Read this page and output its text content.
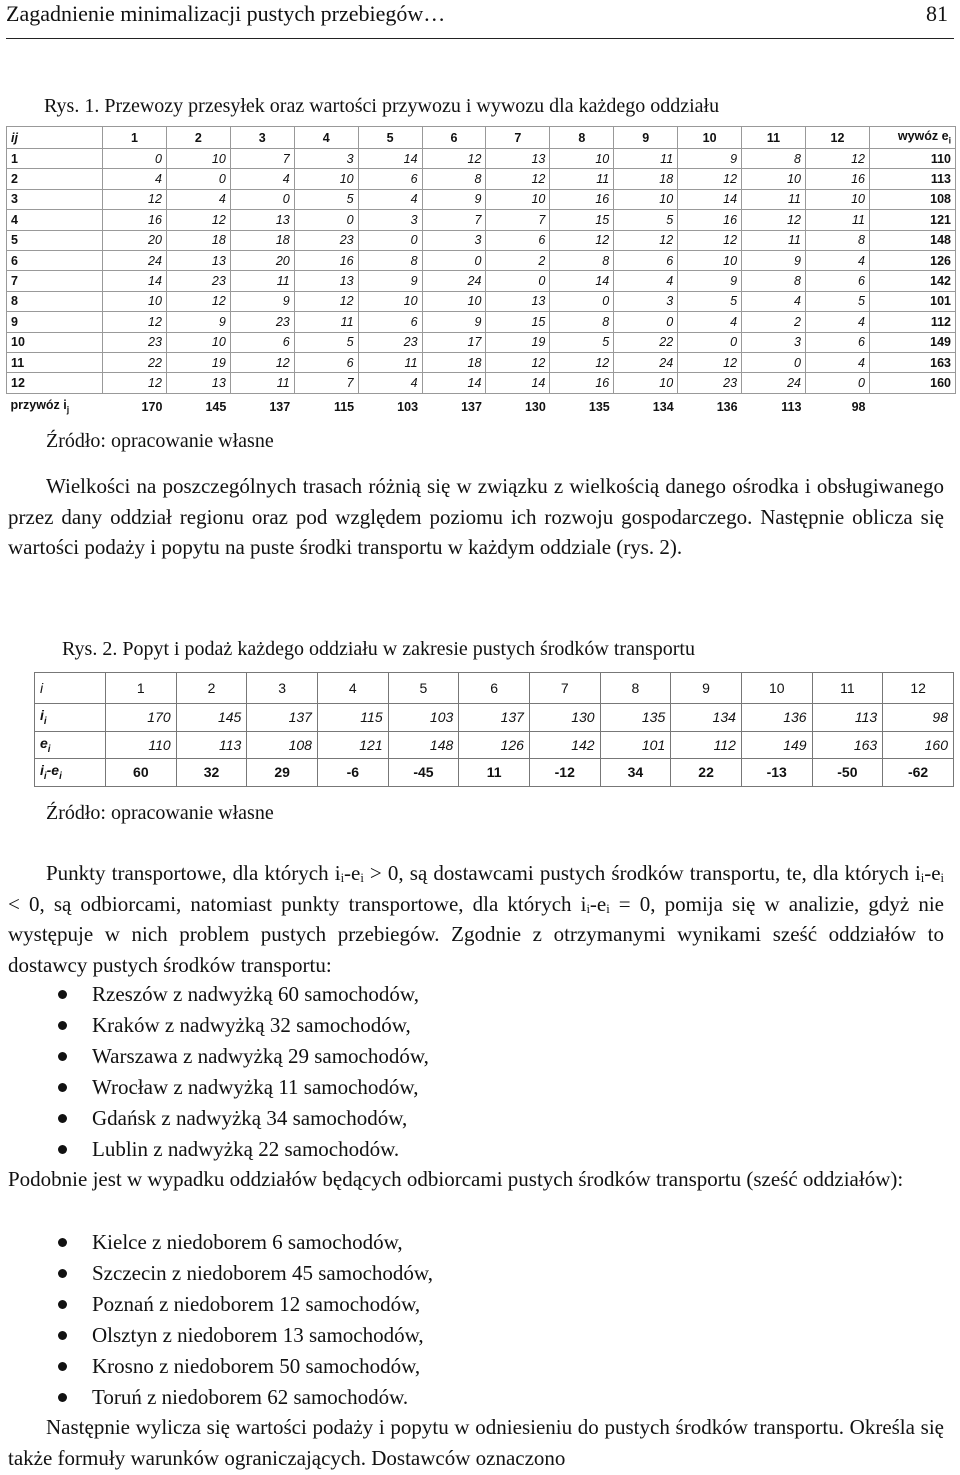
Zagadnienie minimalizacji pustych przebiegów…	81
Rys. 1. Przewozy przesyłek oraz wartości przywozu i wywozu dla każdego oddziału
ij	1	2	3	4	5	6	7	8	9	10	11	12	wywóz $e_i$
1	0	10	7	3	14	12	13	10	11	9	8	12	110
2	4	0	4	10	6	8	12	11	18	12	10	16	113
3	12	4	0	5	4	9	10	16	10	14	11	10	108
4	16	12	13	0	3	7	7	15	5	16	12	11	121
5	20	18	18	23	0	3	6	12	12	12	11	8	148
6	24	13	20	16	8	0	2	8	6	10	9	4	126
7	14	23	11	13	9	24	0	14	4	9	8	6	142
8	10	12	9	12	10	10	13	0	3	5	4	5	101
9	12	9	23	11	6	9	15	8	0	4	2	4	112
10	23	10	6	5	23	17	19	5	22	0	3	6	149
11	22	19	12	6	11	18	12	12	24	12	0	4	163
12	12	13	11	7	4	14	14	16	10	23	24	0	160
przywóz $i_j$	170	145	137	115	103	137	130	135	134	136	113	98	
Źródło: opracowanie własne

Wielkości na poszczególnych trasach różnią się w związku z wielkością danego ośrodka i obsługiwanego przez dany oddział regionu oraz pod względem poziomu ich rozwoju gospodarczego. Następnie oblicza się wartości podaży i popytu na puste środki transportu w każdym oddziale (rys. 2).

Rys. 2. Popyt i podaż każdego oddziału w zakresie pustych środków transportu
i	1	2	3	4	5	6	7	8	9	10	11	12
$i_i$	170	145	137	115	103	137	130	135	134	136	113	98
$e_i$	110	113	108	121	148	126	142	101	112	149	163	160
$i_i-e_i$	60	32	29	-6	-45	11	-12	34	22	-13	-50	-62
Źródło: opracowanie własne

Punkty transportowe, dla których iᵢ-eᵢ > 0, są dostawcami pustych środków transportu, te, dla których iᵢ-eᵢ < 0, są odbiorcami, natomiast punkty transportowe, dla których iᵢ-eᵢ = 0, pomija się w analizie, gdyż nie występuje w nich problem pustych przebiegów. Zgodnie z otrzymanymi wynikami sześć oddziałów to dostawcy pustych środków transportu:

Rzeszów z nadwyżką 60 samochodów,
Kraków z nadwyżką 32 samochodów,
Warszawa z nadwyżką 29 samochodów,
Wrocław z nadwyżką 11 samochodów,
Gdańsk z nadwyżką 34 samochodów,
Lublin z nadwyżką 22 samochodów.

Podobnie jest w wypadku oddziałów będących odbiorcami pustych środków transportu (sześć oddziałów):

Kielce z niedoborem 6 samochodów,
Szczecin z niedoborem 45 samochodów,
Poznań z niedoborem 12 samochodów,
Olsztyn z niedoborem 13 samochodów,
Krosno z niedoborem 50 samochodów,
Toruń z niedoborem 62 samochodów.

Następnie wylicza się wartości podaży i popytu w odniesieniu do pustych środków transportu. Określa się także formuły warunków ograniczających. Dostawców oznaczono
